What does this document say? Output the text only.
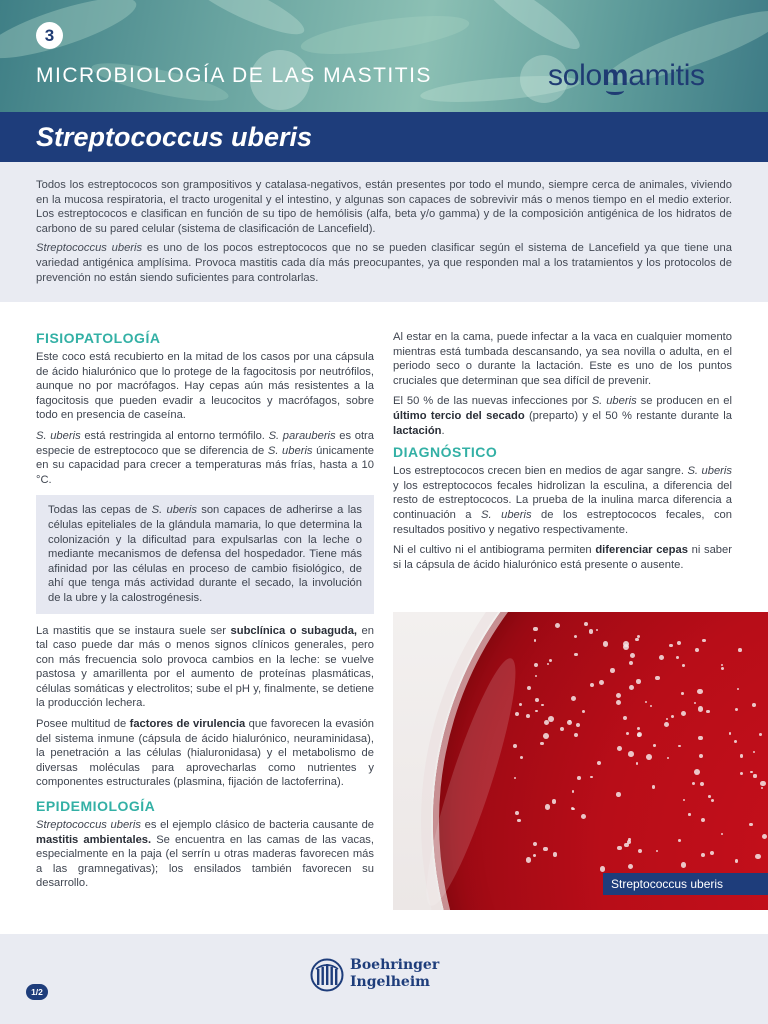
3
MICROBIOLOGÍA DE LAS MASTITIS	solomamitis
Streptococcus uberis

Todos los estreptococos son grampositivos y catalasa-negativos, están presentes por todo el mundo, siempre cerca de animales, viviendo en la mucosa respiratoria, el tracto urogenital y el intestino, y algunas son capaces de sobrevivir más o menos tiempo en el medio exterior. Los estreptococos e clasifican en función de su tipo de hemólisis (alfa, beta y/o gamma) y de la composición antigénica de los hidratos de carbono de su pared celular (sistema de clasificación de Lancefield).

Streptococcus uberis es uno de los pocos estreptococos que no se pueden clasificar según el sistema de Lancefield ya que tiene una variedad antigénica amplísima. Provoca mastitis cada día más preocupantes, ya que responden mal a los tratamientos y los protocolos de prevención no están siendo suficientes para controlarlas.

FISIOPATOLOGÍA

Este coco está recubierto en la mitad de los casos por una cápsula de ácido hialurónico que lo protege de la fagocitosis por neutrófilos, aunque no por macrófagos. Hay cepas aún más resistentes a la fagocitosis que pueden evadir a leucocitos y macrófagos, sobre todo en presencia de caseína.

S. uberis está restringida al entorno termófilo. S. parauberis es otra especie de estreptococo que se diferencia de S. uberis únicamente en su capacidad para crecer a temperaturas más frías, hasta a 10 °C.

Todas las cepas de S. uberis son capaces de adherirse a las células epiteliales de la glándula mamaria, lo que determina la colonización y la dificultad para expulsarlas con la leche o mediante mecanismos de defensa del hospedador. Tiene más afinidad por las células en proceso de cambio fisiológico, de ahí que tenga más actividad durante el secado, la involución de la ubre y la calostrogénesis.

La mastitis que se instaura suele ser subclínica o subaguda, en tal caso puede dar más o menos signos clínicos generales, pero con más frecuencia solo provoca cambios en la leche: se vuelve pastosa y amarillenta por el aumento de proteínas plasmáticas, células somáticas y electrolitos; sube el pH y, finalmente, se detiene la producción lechera.

Posee multitud de factores de virulencia que favorecen la evasión del sistema inmune (cápsula de ácido hialurónico, neuraminidasa), la penetración a las células (hialuronidasa) y el metabolismo de diversas moléculas para aprovecharlas como nutrientes y componentes estructurales (plasmina, fijación de lactoferrina).

EPIDEMIOLOGÍA

Streptococcus uberis es el ejemplo clásico de bacteria causante de mastitis ambientales. Se encuentra en las camas de las vacas, especialmente en la paja (el serrín u otras maderas favorecen más a las gramnegativas); los ensilados también favorecen su desarrollo.

Al estar en la cama, puede infectar a la vaca en cualquier momento mientras está tumbada descansando, ya sea novilla o adulta, en el periodo seco o durante la lactación. Este es uno de los puntos cruciales que determinan que sea difícil de prevenir.

El 50 % de las nuevas infecciones por S. uberis se producen en el último tercio del secado (preparto) y el 50 % restante durante la lactación.

DIAGNÓSTICO

Los estreptococos crecen bien en medios de agar sangre. S. uberis y los estreptococos fecales hidrolizan la esculina, a diferencia del resto de estreptococos. La prueba de la inulina marca diferencia a continuación a S. uberis de los estreptococos fecales, con resultados positivo y negativo respectivamente.

Ni el cultivo ni el antibiograma permiten diferenciar cepas ni saber si la cápsula de ácido hialurónico está presente o ausente.

Streptococcus uberis
1/2
Boehringer
Ingelheim
